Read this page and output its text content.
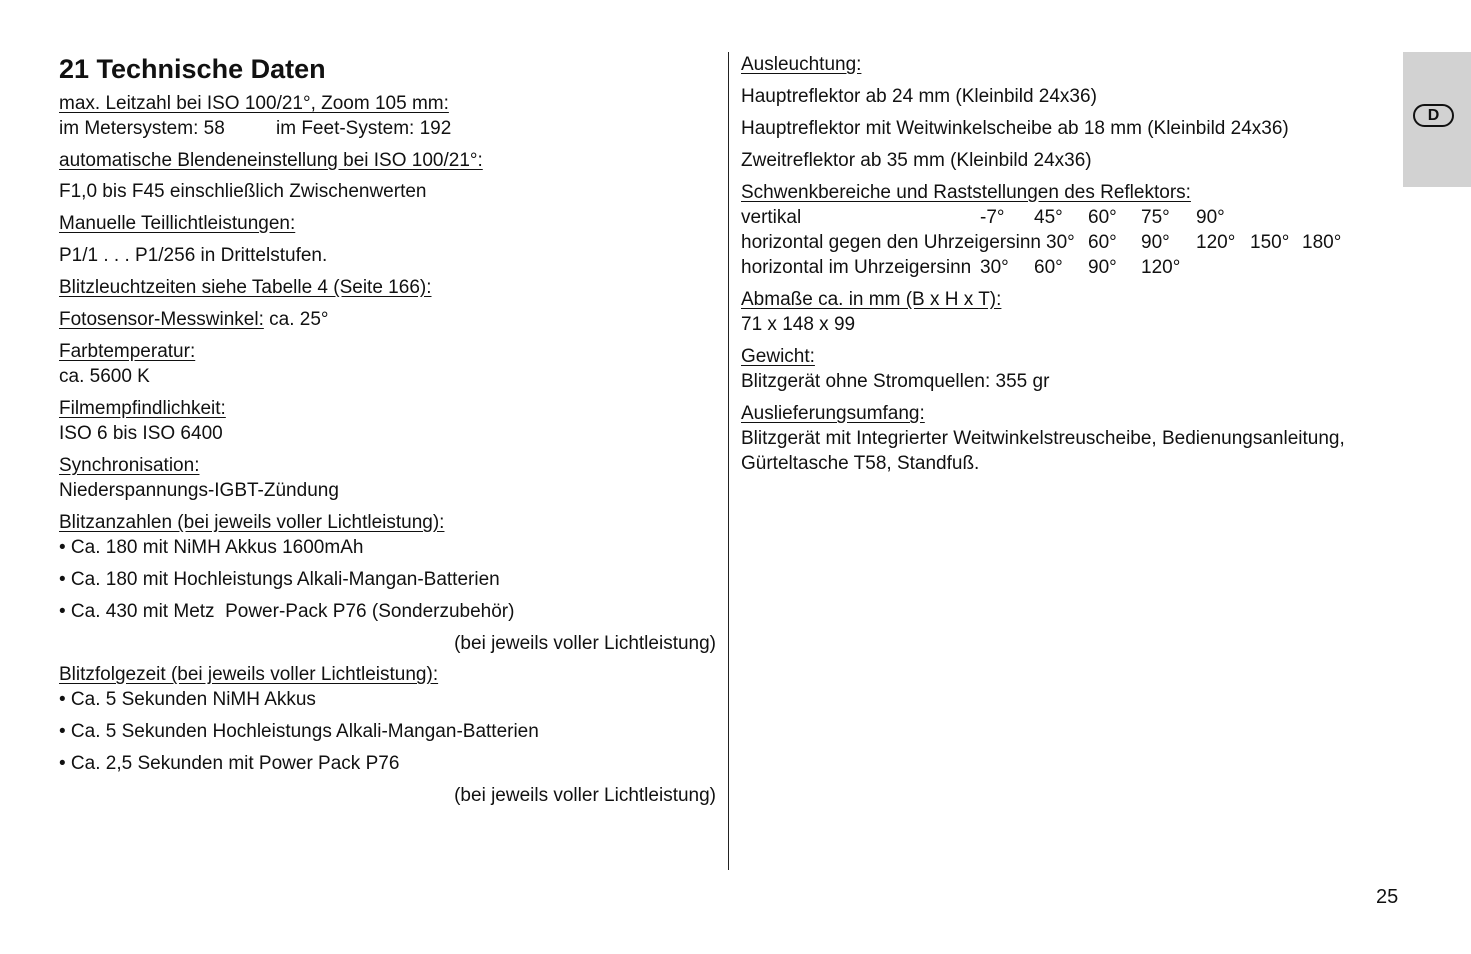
21 Technische Daten
max. Leitzahl bei ISO 100/21°, Zoom 105 mm:
im Metersystem: 58	im Feet-System: 192
automatische Blendeneinstellung bei ISO 100/21°:
F1,0 bis F45 einschließlich Zwischenwerten
Manuelle Teillichtleistungen:
P1/1 . . . P1/256 in Drittelstufen.
Blitzleuchtzeiten siehe Tabelle 4 (Seite 166):
Fotosensor-Messwinkel: ca. 25°
Farbtemperatur:
ca. 5600 K
Filmempfindlichkeit:
ISO 6 bis ISO 6400
Synchronisation:
Niederspannungs-IGBT-Zündung
Blitzanzahlen (bei jeweils voller Lichtleistung):
• Ca. 180 mit NiMH Akkus 1600mAh
• Ca. 180 mit Hochleistungs Alkali-Mangan-Batterien
• Ca. 430 mit Metz  Power-Pack P76 (Sonderzubehör)
(bei jeweils voller Lichtleistung)
Blitzfolgezeit (bei jeweils voller Lichtleistung):
• Ca. 5 Sekunden NiMH Akkus
• Ca. 5 Sekunden Hochleistungs Alkali-Mangan-Batterien
• Ca. 2,5 Sekunden mit Power Pack P76
(bei jeweils voller Lichtleistung)
Ausleuchtung:
Hauptreflektor ab 24 mm (Kleinbild 24x36)
Hauptreflektor mit Weitwinkelscheibe ab 18 mm (Kleinbild 24x36)
Zweitreflektor ab 35 mm (Kleinbild 24x36)
Schwenkbereiche und Raststellungen des Reflektors:
vertikal	-7° 45° 60° 75° 90°
horizontal gegen den Uhrzeigersinn 30° 60° 90° 120° 150° 180°
horizontal im Uhrzeigersinn 30° 60° 90° 120°
Abmaße ca. in mm (B x H x T):
71 x 148 x 99
Gewicht:
Blitzgerät ohne Stromquellen: 355 gr
Auslieferungsumfang:
Blitzgerät mit Integrierter Weitwinkelstreuscheibe, Bedienungsanleitung,
Gürteltasche T58, Standfuß.
D
25
